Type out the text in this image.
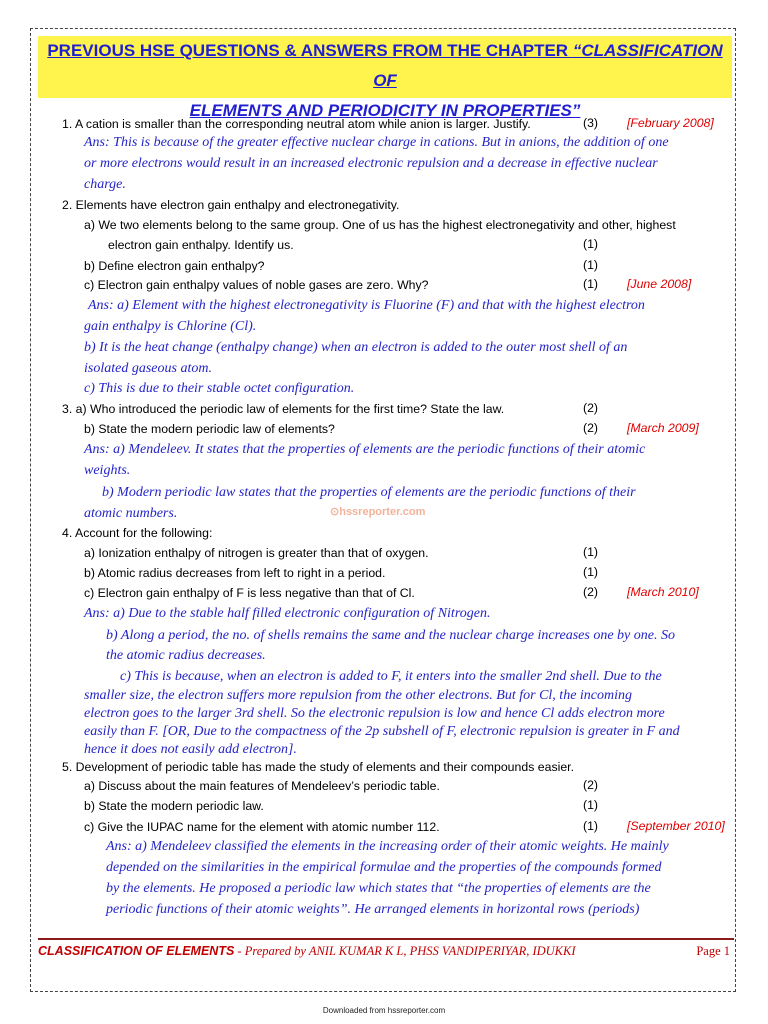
PREVIOUS HSE QUESTIONS & ANSWERS FROM THE CHAPTER “CLASSIFICATION OF
ELEMENTS AND PERIODICITY IN PROPERTIES”
1. A cation is smaller than the corresponding neutral atom while anion is larger. Justify.	(3) [February 2008]
Ans: This is because of the greater effective nuclear charge in cations. But in anions, the addition of one
or more electrons would result in an increased electronic repulsion and a decrease in effective nuclear
charge.
2. Elements have electron gain enthalpy and electronegativity.
a) We two elements belong to the same group. One of us has the highest electronegativity and other, highest
electron gain enthalpy. Identify us.	(1)
b) Define electron gain enthalpy?	(1)
c) Electron gain enthalpy values of noble gases are zero. Why?	(1) [June 2008]
Ans: a) Element with the highest electronegativity is Fluorine (F) and that with the highest electron
gain enthalpy is Chlorine (Cl).
b) It is the heat change (enthalpy change) when an electron is added to the outer most shell of an
isolated gaseous atom.
c) This is due to their stable octet configuration.
3. a) Who introduced the periodic law of elements for the first time? State the law.	(2)
b) State the modern periodic law of elements?	(2) [March 2009]
Ans: a) Mendeleev. It states that the properties of elements are the periodic functions of their atomic
weights.
b) Modern periodic law states that the properties of elements are the periodic functions of their
atomic numbers.
4. Account for the following:
a) Ionization enthalpy of nitrogen is greater than that of oxygen.	(1)
b) Atomic radius decreases from left to right in a period.	(1)
c) Electron gain enthalpy of F is less negative than that of Cl.	(2) [March 2010]
Ans: a) Due to the stable half filled electronic configuration of Nitrogen.
b) Along a period, the no. of shells remains the same and the nuclear charge increases one by one. So
the atomic radius decreases.
c) This is because, when an electron is added to F, it enters into the smaller 2nd shell. Due to the
smaller size, the electron suffers more repulsion from the other electrons. But for Cl, the incoming
electron goes to the larger 3rd shell. So the electronic repulsion is low and hence Cl adds electron more
easily than F. [OR, Due to the compactness of the 2p subshell of F, electronic repulsion is greater in F and
hence it does not easily add electron].
5. Development of periodic table has made the study of elements and their compounds easier.
a) Discuss about the main features of Mendeleev’s periodic table.	(2)
b) State the modern periodic law.	(1)
c) Give the IUPAC name for the element with atomic number 112.	(1) [September 2010]
Ans: a) Mendeleev classified the elements in the increasing order of their atomic weights. He mainly
depended on the similarities in the empirical formulae and the properties of the compounds formed
by the elements. He proposed a periodic law which states that “the properties of elements are the
periodic functions of their atomic weights”. He arranged elements in horizontal rows (periods)
⊙hssreporter.com
CLASSIFICATION OF ELEMENTS - Prepared by ANIL KUMAR K L, PHSS VANDIPERIYAR, IDUKKI	Page 1
Downloaded from hssreporter.com
